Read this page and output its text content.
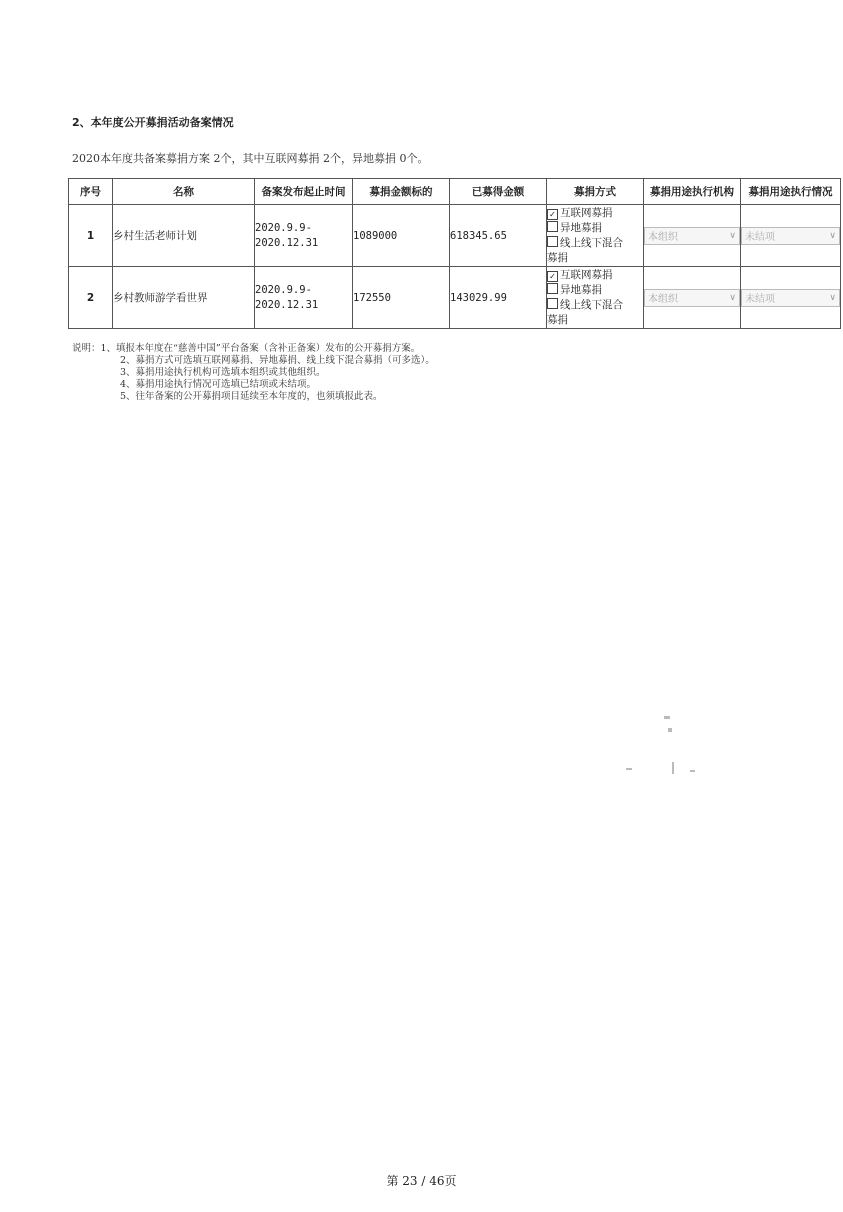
2、本年度公开募捐活动备案情况
2020本年度共备案募捐方案 2个，其中互联网募捐 2个，异地募捐 0个。
序号	名称	备案发布起止时间	募捐金额标的	已募得金额	募捐方式	募捐用途执行机构	募捐用途执行情况
1	乡村生活老师计划	2020.9.9-
2020.12.31	1089000	618345.65	✓ 互联网募捐
异地募捐
线上线下混合
募捐	本组织 ∨	未结项 ∨

2	乡村教师游学看世界	2020.9.9-
2020.12.31	172550	143029.99	✓ 互联网募捐
异地募捐
线上线下混合
募捐	本组织 ∨	未结项 ∨
说明：1、填报本年度在“慈善中国”平台备案（含补正备案）发布的公开募捐方案。
2、募捐方式可选填互联网募捐、异地募捐、线上线下混合募捐（可多选）。
3、募捐用途执行机构可选填本组织或其他组织。
4、募捐用途执行情况可选填已结项或未结项。
5、往年备案的公开募捐项目延续至本年度的，也须填报此表。
第 23 / 46页
